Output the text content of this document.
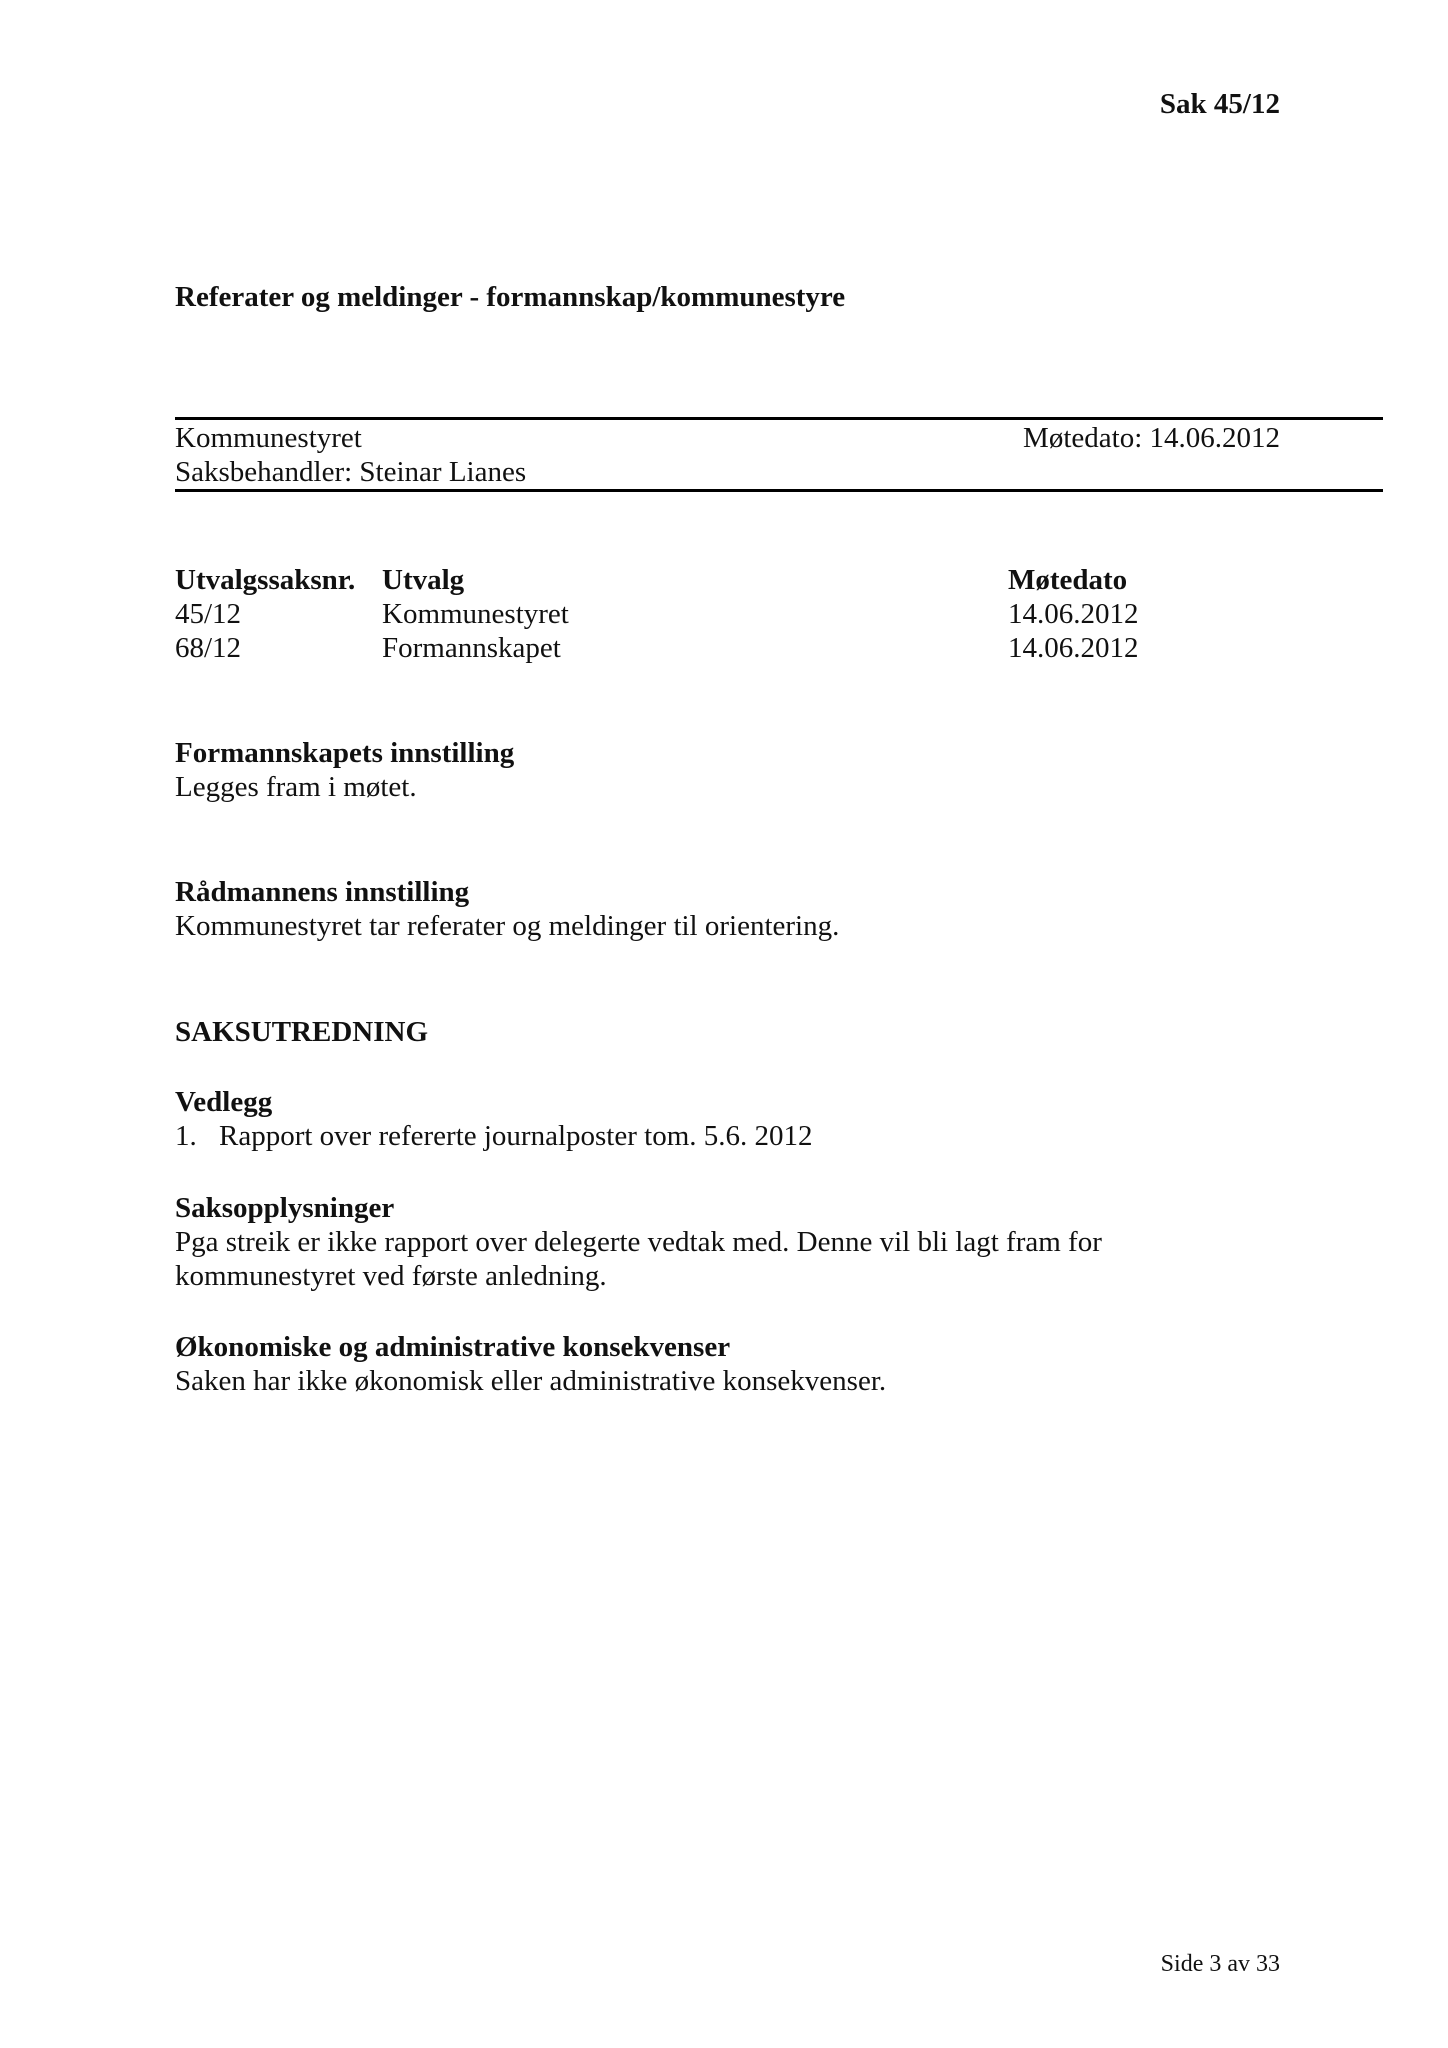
Sak 45/12
Referater og meldinger - formannskap/kommunestyre
Kommunestyret	Møtedato: 14.06.2012
Saksbehandler: Steinar Lianes
Utvalgssaksnr. Utvalg	Møtedato
45/12	Kommunestyret	14.06.2012
68/12	Formannskapet	14.06.2012
Formannskapets innstilling
Legges fram i møtet.
Rådmannens innstilling
Kommunestyret tar referater og meldinger til orientering.
SAKSUTREDNING
Vedlegg
1. Rapport over refererte journalposter tom. 5.6. 2012
Saksopplysninger
Pga streik er ikke rapport over delegerte vedtak med. Denne vil bli lagt fram for
kommunestyret ved første anledning.
Økonomiske og administrative konsekvenser
Saken har ikke økonomisk eller administrative konsekvenser.
Side 3 av 33
